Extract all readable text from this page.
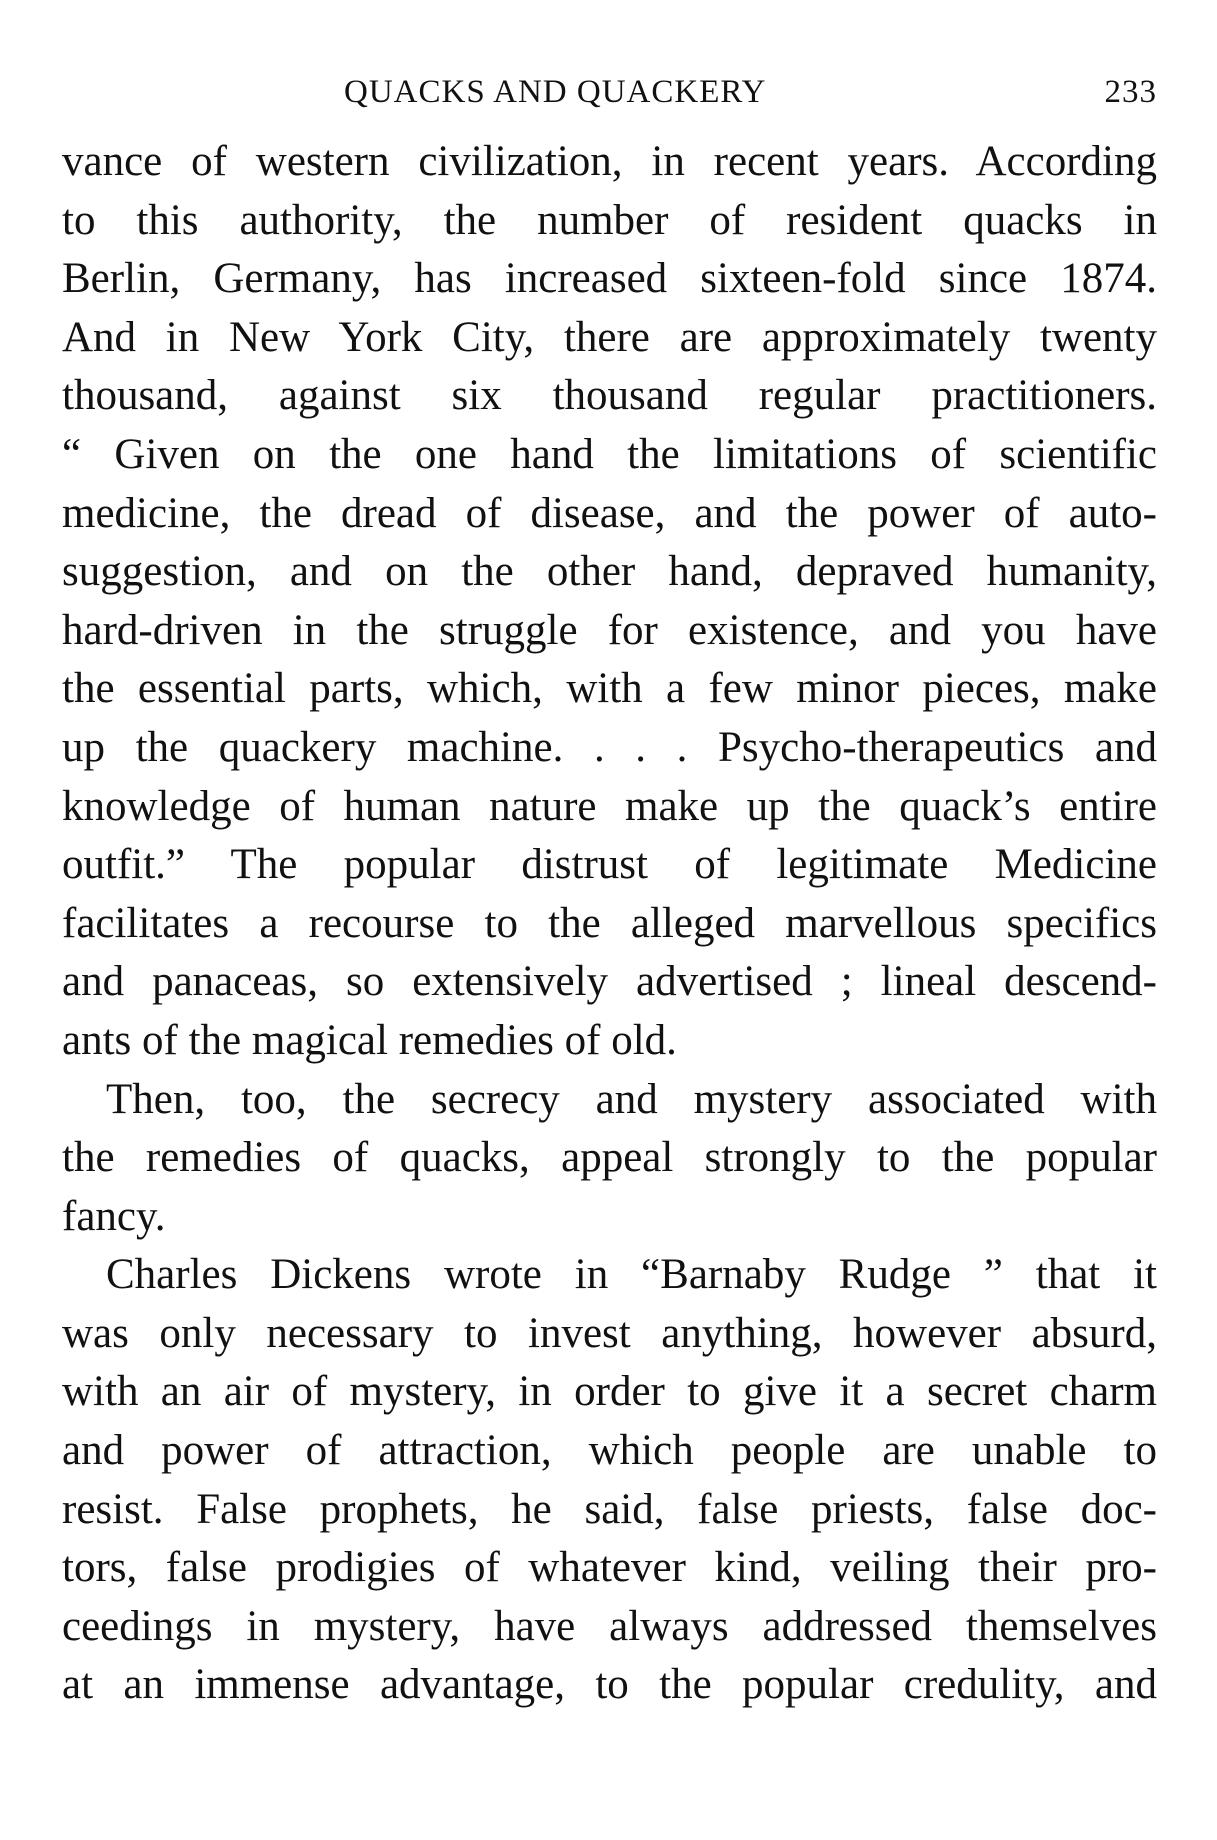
QUACKS AND QUACKERY	233
vance of western civilization, in recent years. According
to this authority, the number of resident quacks in
Berlin, Germany, has increased sixteen-fold since 1874.
And in New York City, there are approximately twenty
thousand, against six thousand regular practitioners.
“ Given on the one hand the limitations of scientific
medicine, the dread of disease, and the power of auto-
suggestion, and on the other hand, depraved humanity,
hard-driven in the struggle for existence, and you have
the essential parts, which, with a few minor pieces, make
up the quackery machine. . . . Psycho-therapeutics and
knowledge of human nature make up the quack’s entire
outfit.” The popular distrust of legitimate Medicine
facilitates a recourse to the alleged marvellous specifics
and panaceas, so extensively advertised ; lineal descend-
ants of the magical remedies of old.
Then, too, the secrecy and mystery associated with
the remedies of quacks, appeal strongly to the popular
fancy.
Charles Dickens wrote in “Barnaby Rudge ” that it
was only necessary to invest anything, however absurd,
with an air of mystery, in order to give it a secret charm
and power of attraction, which people are unable to
resist. False prophets, he said, false priests, false doc-
tors, false prodigies of whatever kind, veiling their pro-
ceedings in mystery, have always addressed themselves
at an immense advantage, to the popular credulity, and
